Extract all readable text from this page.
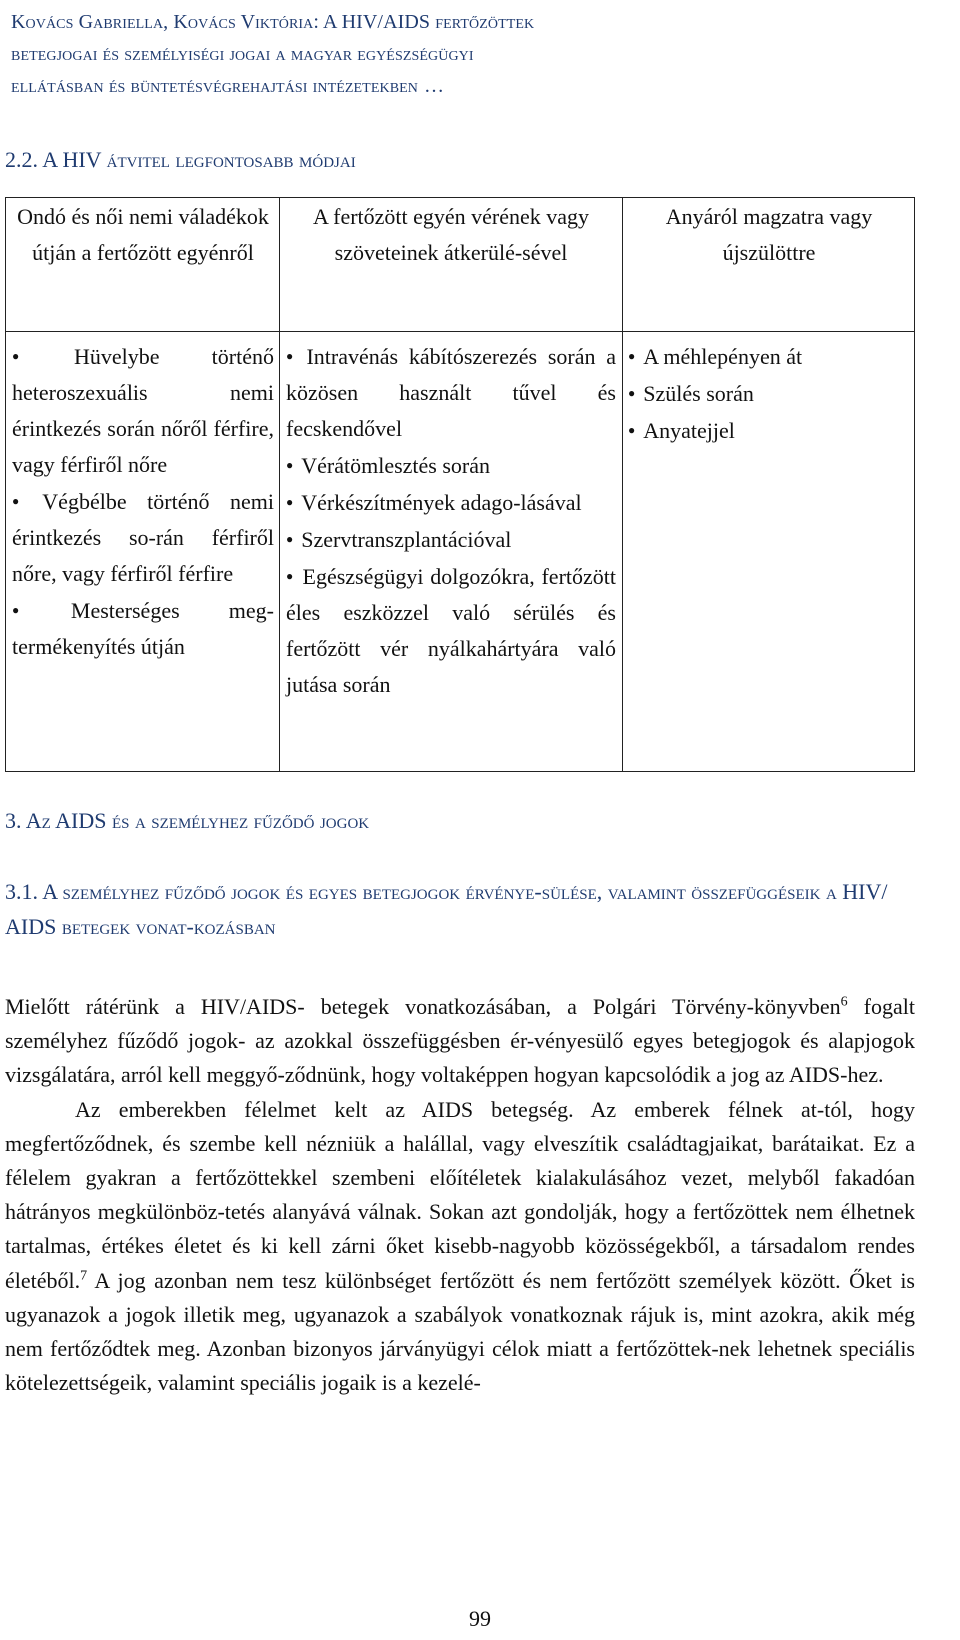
Kovács Gabriella, Kovács Viktória: A HIV/AIDS fertőzöttek
betegjogai és személyiségi jogai a magyar egyészségügyi
ellátásban és büntetésvégrehajtási intézetekben …
2.2. A HIV átvitel legfontosabb módjai
Ondó és női nemi váladékok útján a fertőzött egyénről
A fertőzött egyén vérének vagy szöveteinek átkerülé-sével
Anyáról magzatra vagy újszülöttre
● Hüvelybe történő heteroszexuális nemi érintkezés során nőről férfire, vagy férfiről nőre
● Végbélbe történő nemi érintkezés so-rán férfiről nőre, vagy férfiről férfire
● Mesterséges meg-termékenyítés útján
● Intravénás kábítószerezés során a közösen használt tűvel és fecskendővel
● Vérátömlesztés során
● Vérkészítmények adago-lásával
● Szervtranszplantációval
● Egészségügyi dolgozókra, fertőzött éles eszközzel való sérülés és fertőzött vér nyálkahártyára való jutása során
● A méhlepényen át
● Szülés során
● Anyatejjel
3. Az AIDS és a személyhez fűződő jogok
3.1. A személyhez fűződő jogok és egyes betegjogok érvénye-sülése, valamint összefüggéseik a HIV/ AIDS betegek vonat-kozásban

Mielőtt rátérünk a HIV/AIDS- betegek vonatkozásában, a Polgári Törvény-könyvben$^6$ fogalt személyhez fűződő jogok- az azokkal összefüggésben ér-vényesülő egyes betegjogok és alapjogok vizsgálatára, arról kell meggyő-ződnünk, hogy voltaképpen hogyan kapcsolódik a jog az AIDS-hez.

Az emberekben félelmet kelt az AIDS betegség. Az emberek félnek at-tól, hogy megfertőződnek, és szembe kell nézniük a halállal, vagy elveszítik családtagjaikat, barátaikat. Ez a félelem gyakran a fertőzöttekkel szembeni előítéletek kialakulásához vezet, melyből fakadóan hátrányos megkülönböz-tetés alanyává válnak. Sokan azt gondolják, hogy a fertőzöttek nem élhetnek tartalmas, értékes életet és ki kell zárni őket kisebb-nagyobb közösségekből, a társadalom rendes életéből.$^7$ A jog azonban nem tesz különbséget fertőzött és nem fertőzött személyek között. Őket is ugyanazok a jogok illetik meg, ugyanazok a szabályok vonatkoznak rájuk is, mint azokra, akik még nem fertőződtek meg. Azonban bizonyos járványügyi célok miatt a fertőzöttek-nek lehetnek speciális kötelezettségeik, valamint speciális jogaik is a kezelé-

99
